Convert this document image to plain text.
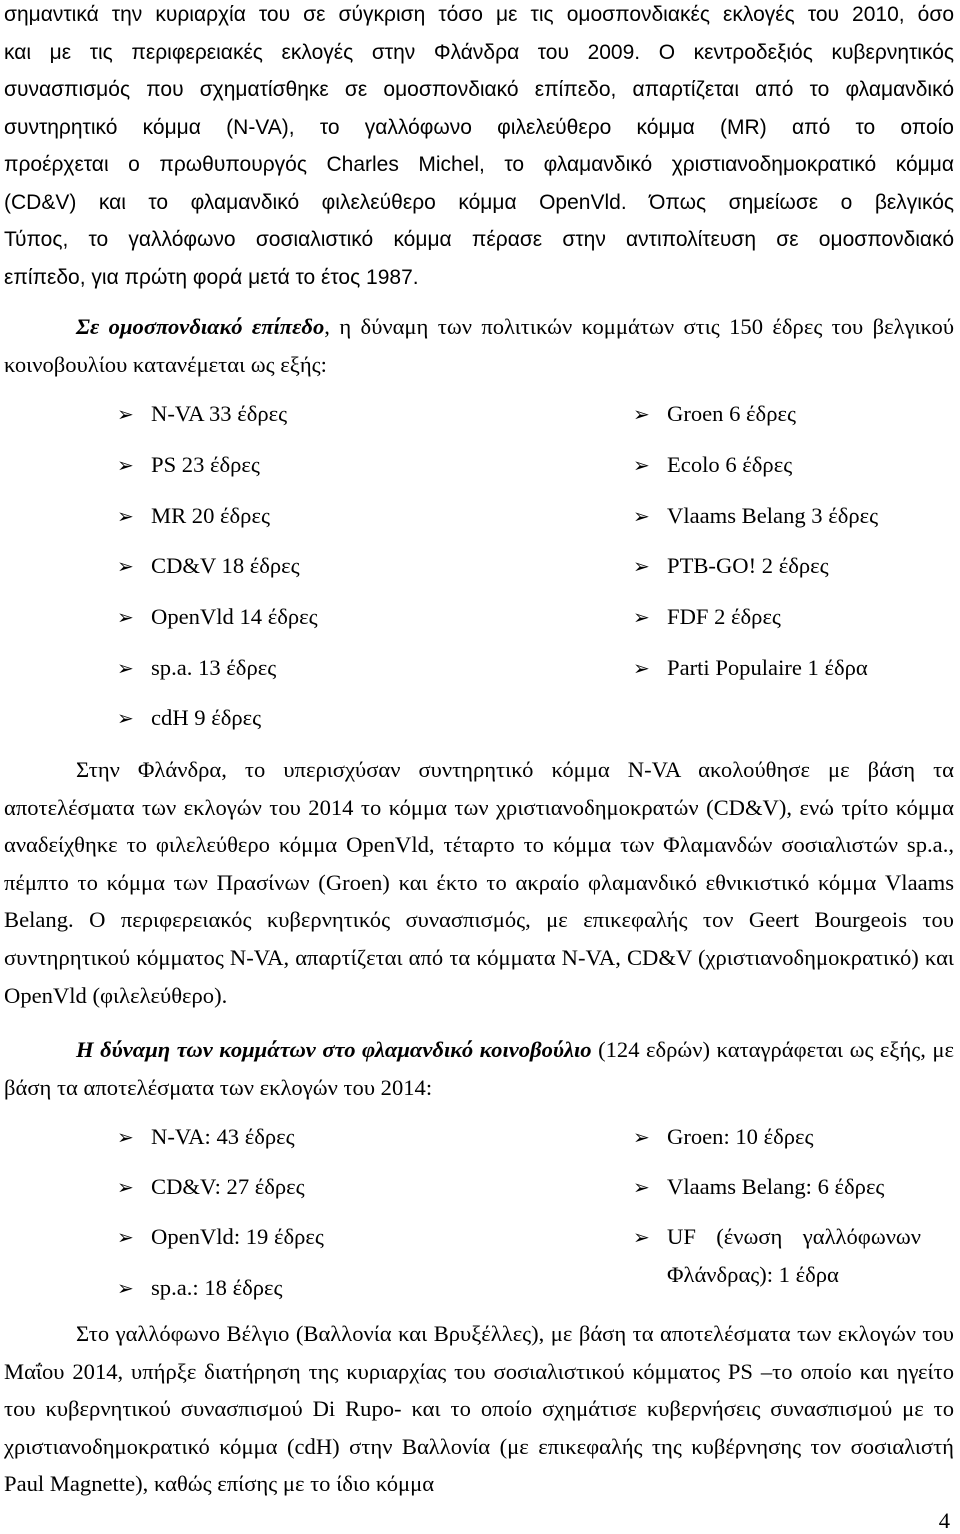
σημαντικά την κυριαρχία του σε σύγκριση τόσο με τις ομοσπονδιακές εκλογές του 2010, όσο
και με τις περιφερειακές εκλογές στην Φλάνδρα του 2009. Ο κεντροδεξιός κυβερνητικός
συνασπισμός που σχηματίσθηκε σε ομοσπονδιακό επίπεδο, απαρτίζεται από το φλαμανδικό
συντηρητικό κόμμα (N-VA), το γαλλόφωνο φιλελεύθερο κόμμα (MR) από το οποίο
προέρχεται ο πρωθυπουργός Charles Michel, το φλαμανδικό χριστιανοδημοκρατικό κόμμα
(CD&V) και το φλαμανδικό φιλελεύθερο κόμμα OpenVld. Όπως σημείωσε ο βελγικός
Τύπος, το γαλλόφωνο σοσιαλιστικό κόμμα πέρασε στην αντιπολίτευση σε ομοσπονδιακό
επίπεδο, για πρώτη φορά μετά το έτος 1987.
Σε ομοσπονδιακό επίπεδο, η δύναμη των πολιτικών κομμάτων στις 150 έδρες του βελγικού κοινοβουλίου κατανέμεται ως εξής:
➢ N-VA 33 έδρες
➢ PS 23 έδρες
➢ MR 20 έδρες
➢ CD&V 18 έδρες
➢ OpenVld 14 έδρες
➢ sp.a. 13 έδρες
➢ cdH 9 έδρες
➢ Groen 6 έδρες
➢ Ecolo 6 έδρες
➢ Vlaams Belang 3 έδρες
➢ PTB-GO! 2 έδρες
➢ FDF 2 έδρες
➢ Parti Populaire 1 έδρα
Στην Φλάνδρα, το υπερισχύσαν συντηρητικό κόμμα N-VA ακολούθησε με βάση τα αποτελέσματα των εκλογών του 2014 το κόμμα των χριστιανοδημοκρατών (CD&V), ενώ τρίτο κόμμα αναδείχθηκε το φιλελεύθερο κόμμα OpenVld, τέταρτο το κόμμα των Φλαμανδών σοσιαλιστών sp.a., πέμπτο το κόμμα των Πρασίνων (Groen) και έκτο το ακραίο φλαμανδικό εθνικιστικό κόμμα Vlaams Belang. Ο περιφερειακός κυβερνητικός συνασπισμός, με επικεφαλής τον Geert Bourgeois του συντηρητικού κόμματος N-VA, απαρτίζεται από τα κόμματα N-VA, CD&V (χριστιανοδημοκρατικό) και OpenVld (φιλελεύθερο).
Η δύναμη των κομμάτων στο φλαμανδικό κοινοβούλιο (124 εδρών) καταγράφεται ως εξής, με βάση τα αποτελέσματα των εκλογών του 2014:
➢ N-VA: 43 έδρες
➢ CD&V: 27 έδρες
➢ OpenVld: 19 έδρες
➢ sp.a.: 18 έδρες
➢ Groen: 10 έδρες
➢ Vlaams Belang: 6 έδρες
➢ UF (ένωση γαλλόφωνων
Φλάνδρας): 1 έδρα
Στο γαλλόφωνο Βέλγιο (Βαλλονία και Βρυξέλλες), με βάση τα αποτελέσματα των εκλογών του Μαΐου 2014, υπήρξε διατήρηση της κυριαρχίας του σοσιαλιστικού κόμματος PS –το οποίο και ηγείτο του κυβερνητικού συνασπισμού Di Rupo- και το οποίο σχημάτισε κυβερνήσεις συνασπισμού με το χριστιανοδημοκρατικό κόμμα (cdH) στην Βαλλονία (με επικεφαλής της κυβέρνησης τον σοσιαλιστή Paul Magnette), καθώς επίσης με το ίδιο κόμμα
4
